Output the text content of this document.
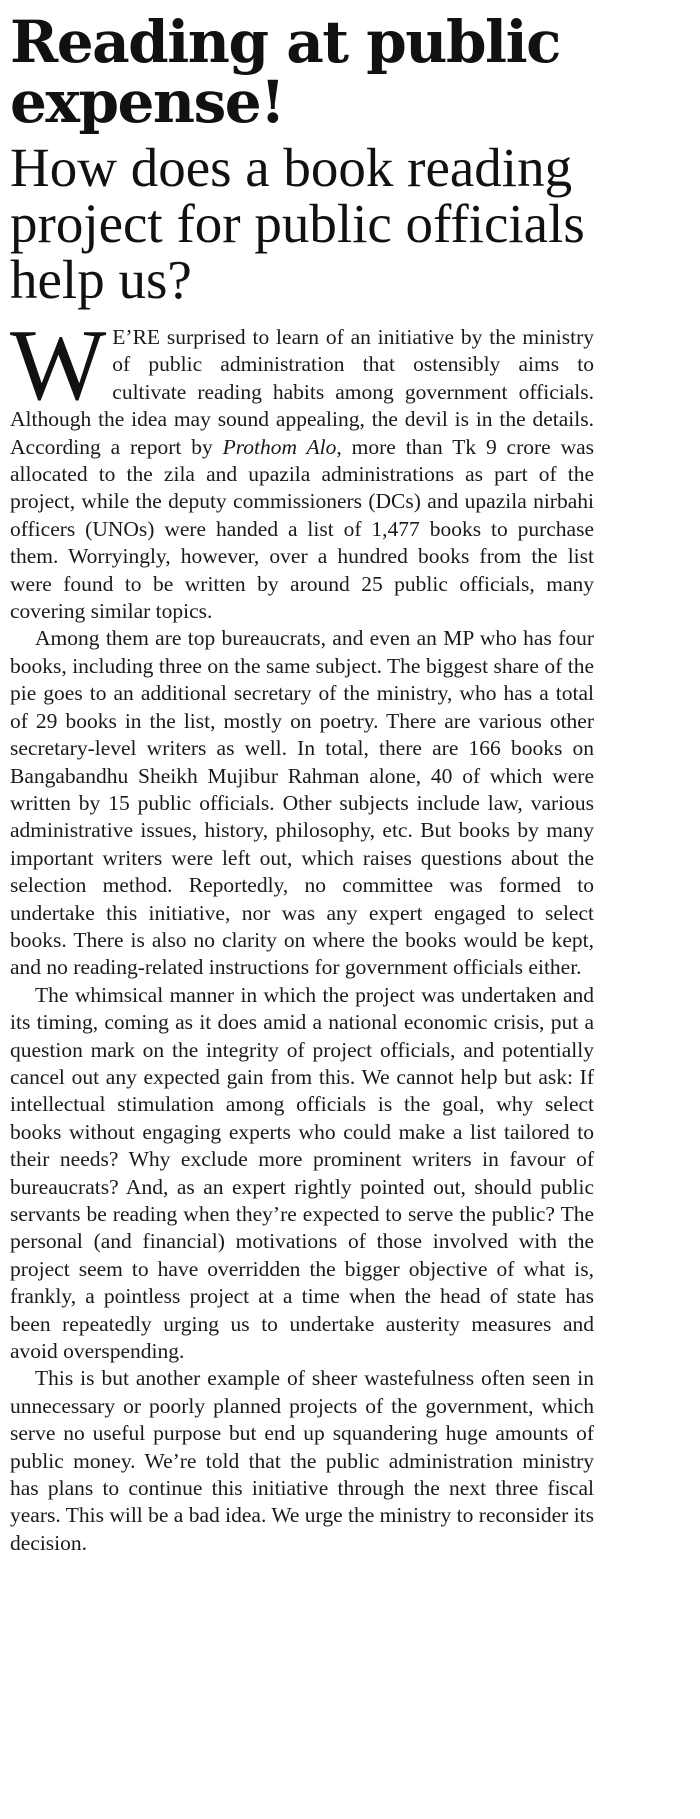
Reading at public expense!
How does a book reading project for public officials help us?

W E’RE surprised to learn of an initiative by the ministry of public administration that ostensibly aims to cultivate reading habits among government officials. Although the idea may sound appealing, the devil is in the details. According a report by Prothom Alo, more than Tk 9 crore was allocated to the zila and upazila administrations as part of the project, while the deputy commissioners (DCs) and upazila nirbahi officers (UNOs) were handed a list of 1,477 books to purchase them. Worryingly, however, over a hundred books from the list were found to be written by around 25 public officials, many covering similar topics.

Among them are top bureaucrats, and even an MP who has four books, including three on the same subject. The biggest share of the pie goes to an additional secretary of the ministry, who has a total of 29 books in the list, mostly on poetry. There are various other secretary-level writers as well. In total, there are 166 books on Bangabandhu Sheikh Mujibur Rahman alone, 40 of which were written by 15 public officials. Other subjects include law, various administrative issues, history, philosophy, etc. But books by many important writers were left out, which raises questions about the selection method. Reportedly, no committee was formed to undertake this initiative, nor was any expert engaged to select books. There is also no clarity on where the books would be kept, and no reading-related instructions for government officials either.

The whimsical manner in which the project was undertaken and its timing, coming as it does amid a national economic crisis, put a question mark on the integrity of project officials, and potentially cancel out any expected gain from this. We cannot help but ask: If intellectual stimulation among officials is the goal, why select books without engaging experts who could make a list tailored to their needs? Why exclude more prominent writers in favour of bureaucrats? And, as an expert rightly pointed out, should public servants be reading when they’re expected to serve the public? The personal (and financial) motivations of those involved with the project seem to have overridden the bigger objective of what is, frankly, a pointless project at a time when the head of state has been repeatedly urging us to undertake austerity measures and avoid overspending.

This is but another example of sheer wastefulness often seen in unnecessary or poorly planned projects of the government, which serve no useful purpose but end up squandering huge amounts of public money. We’re told that the public administration ministry has plans to continue this initiative through the next three fiscal years. This will be a bad idea. We urge the ministry to reconsider its decision.
